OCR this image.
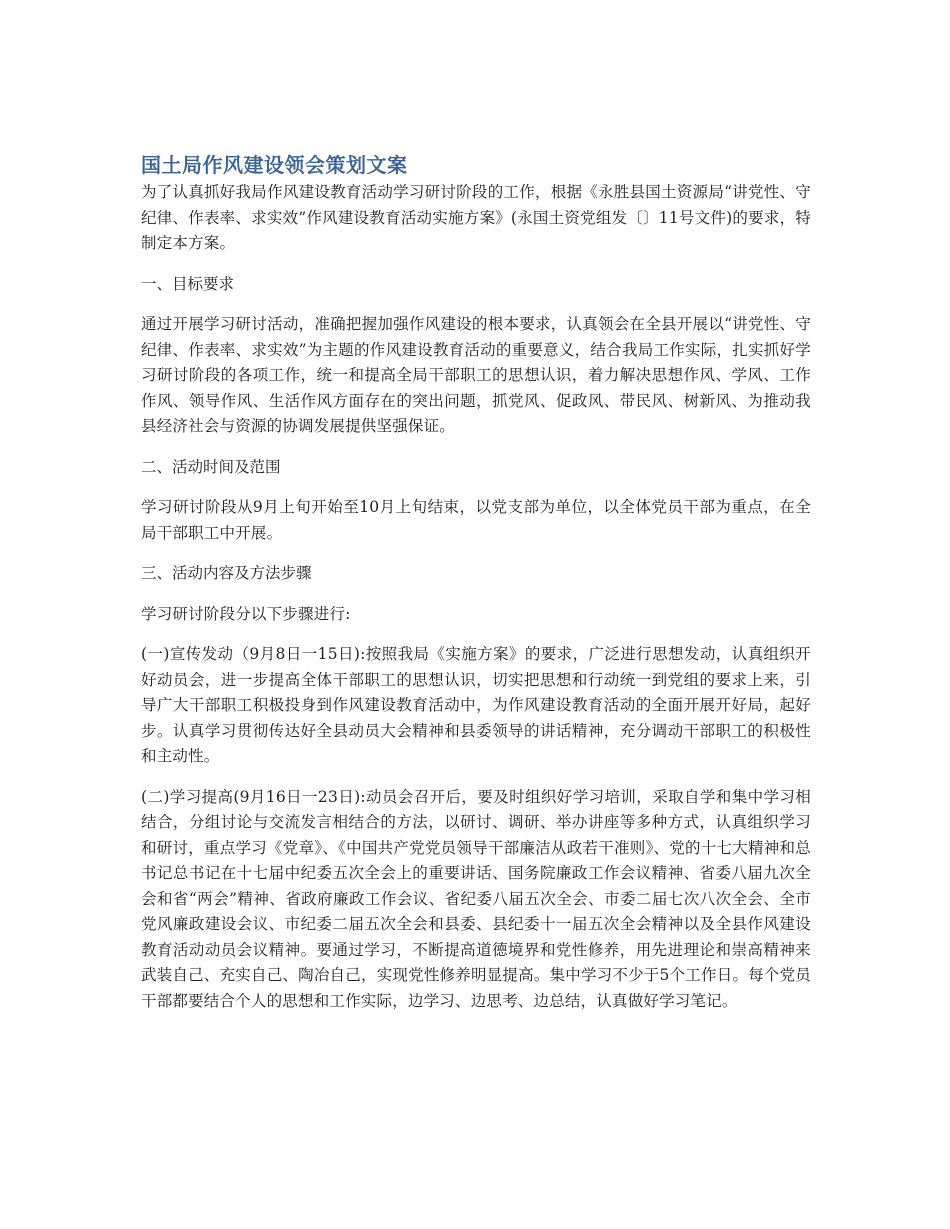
国土局作风建设领会策划文案

为了认真抓好我局作风建设教育活动学习研讨阶段的工作，根据《永胜县国土资源局“讲党性、守纪律、作表率、求实效”作风建设教育活动实施方案》(永国土资党组发〔〕11号文件)的要求，特制定本方案。

一、目标要求

通过开展学习研讨活动，准确把握加强作风建设的根本要求，认真领会在全县开展以“讲党性、守纪律、作表率、求实效”为主题的作风建设教育活动的重要意义，结合我局工作实际，扎实抓好学习研讨阶段的各项工作，统一和提高全局干部职工的思想认识，着力解决思想作风、学风、工作作风、领导作风、生活作风方面存在的突出问题，抓党风、促政风、带民风、树新风、为推动我县经济社会与资源的协调发展提供坚强保证。

二、活动时间及范围

学习研讨阶段从9月上旬开始至10月上旬结束，以党支部为单位，以全体党员干部为重点，在全局干部职工中开展。

三、活动内容及方法步骤

学习研讨阶段分以下步骤进行:

(一)宣传发动（9月8日一15日):按照我局《实施方案》的要求，广泛进行思想发动，认真组织开好动员会，进一步提高全体干部职工的思想认识，切实把思想和行动统一到党组的要求上来，引导广大干部职工积极投身到作风建设教育活动中，为作风建设教育活动的全面开展开好局，起好步。认真学习贯彻传达好全县动员大会精神和县委领导的讲话精神，充分调动干部职工的积极性和主动性。

(二)学习提高(9月16日一23日):动员会召开后，要及时组织好学习培训，采取自学和集中学习相结合，分组讨论与交流发言相结合的方法，以研讨、调研、举办讲座等多种方式，认真组织学习和研讨，重点学习《党章》、《中国共产党党员领导干部廉洁从政若干准则》、党的十七大精神和总书记总书记在十七届中纪委五次全会上的重要讲话、国务院廉政工作会议精神、省委八届九次全会和省“两会”精神、省政府廉政工作会议、省纪委八届五次全会、市委二届七次八次全会、全市党风廉政建设会议、市纪委二届五次全会和县委、县纪委十一届五次全会精神以及全县作风建设教育活动动员会议精神。要通过学习，不断提高道德境界和党性修养，用先进理论和崇高精神来武装自己、充实自己、陶冶自己，实现党性修养明显提高。集中学习不少于5个工作日。每个党员干部都要结合个人的思想和工作实际，边学习、边思考、边总结，认真做好学习笔记。
